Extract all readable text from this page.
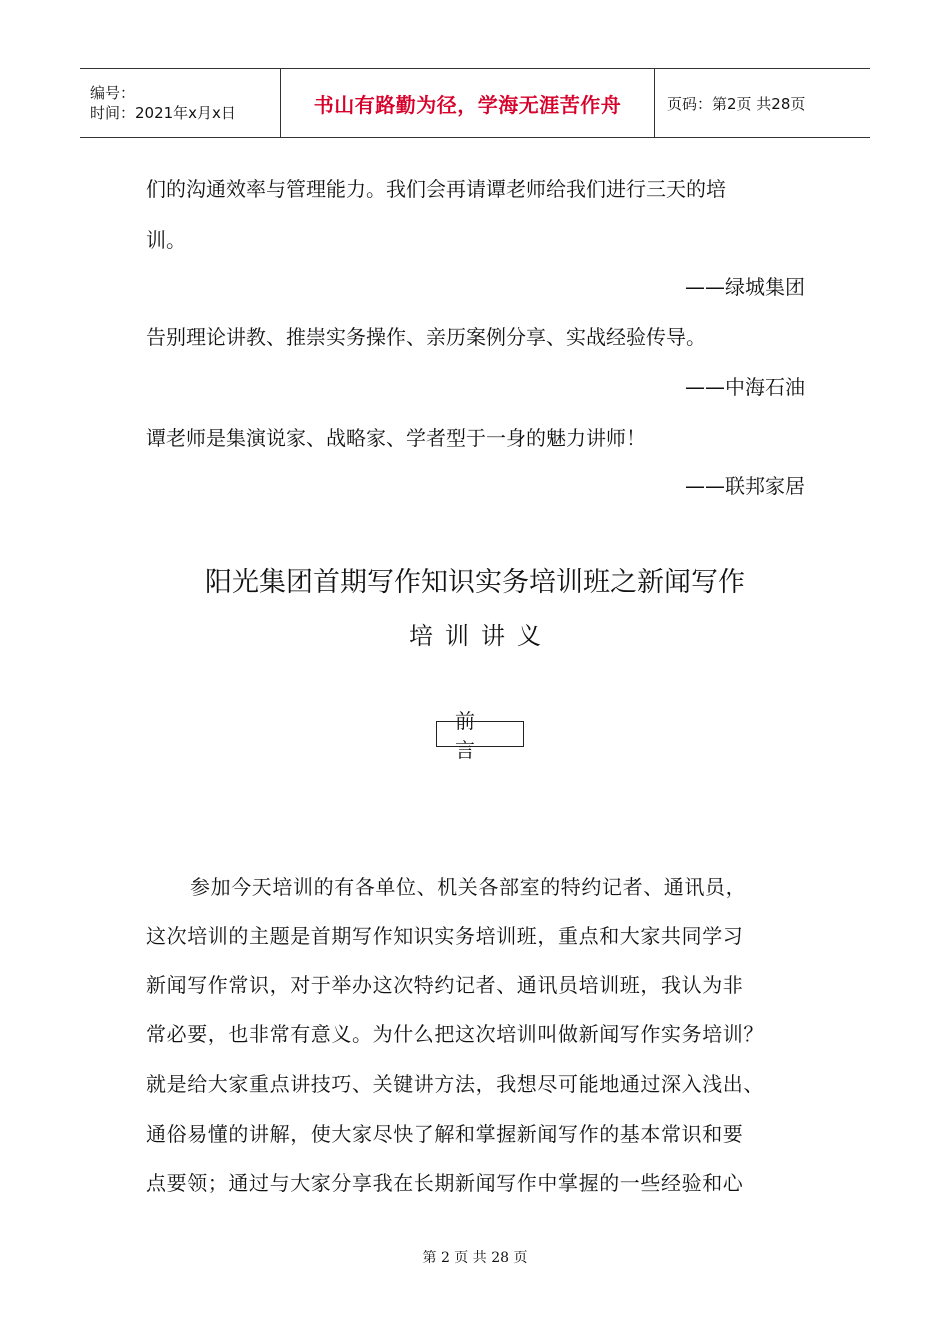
编号：
时间：2021年x月x日	书山有路勤为径，学海无涯苦作舟	页码：第2页 共28页
们的沟通效率与管理能力。我们会再请谭老师给我们进行三天的培
训。
——绿城集团
告别理论讲教、推崇实务操作、亲历案例分享、实战经验传导。
——中海石油
谭老师是集演说家、战略家、学者型于一身的魅力讲师！
——联邦家居
阳光集团首期写作知识实务培训班之新闻写作
培训讲义
前言
参加今天培训的有各单位、机关各部室的特约记者、通讯员，
这次培训的主题是首期写作知识实务培训班，重点和大家共同学习
新闻写作常识，对于举办这次特约记者、通讯员培训班，我认为非
常必要，也非常有意义。为什么把这次培训叫做新闻写作实务培训？
就是给大家重点讲技巧、关键讲方法，我想尽可能地通过深入浅出、
通俗易懂的讲解，使大家尽快了解和掌握新闻写作的基本常识和要
点要领；通过与大家分享我在长期新闻写作中掌握的一些经验和心
第 2 页 共 28 页
